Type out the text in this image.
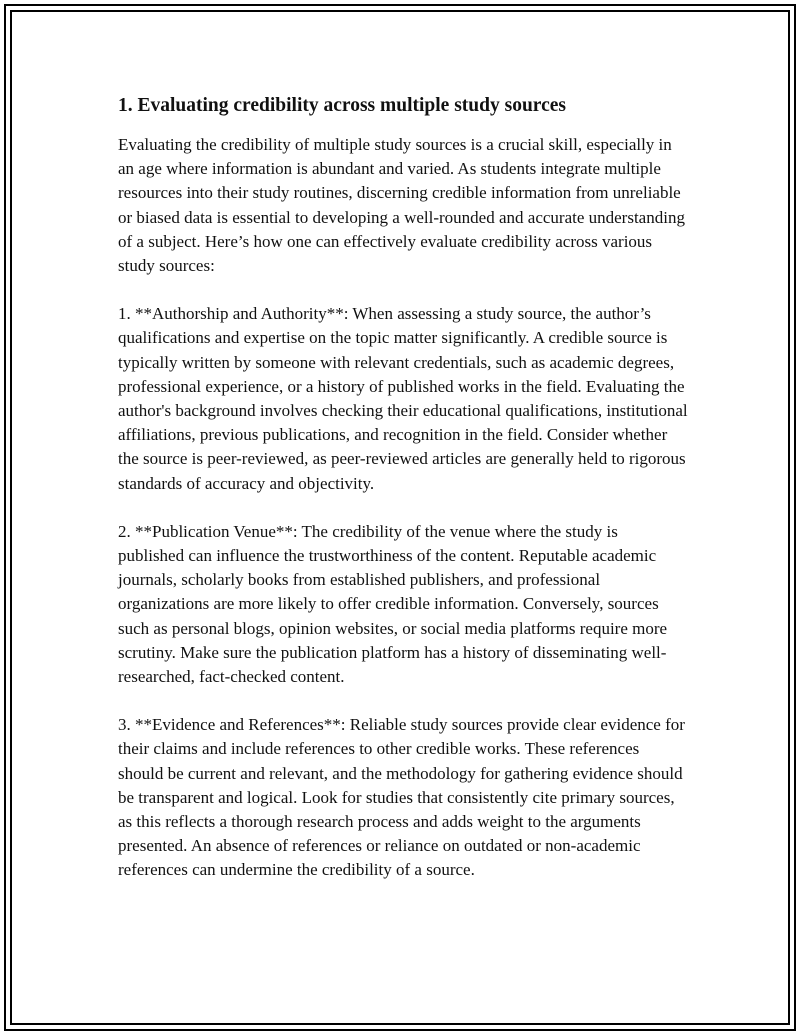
1. Evaluating credibility across multiple study sources

Evaluating the credibility of multiple study sources is a crucial skill, especially in an age where information is abundant and varied. As students integrate multiple resources into their study routines, discerning credible information from unreliable or biased data is essential to developing a well-rounded and accurate understanding of a subject. Here’s how one can effectively evaluate credibility across various study sources:

1. **Authorship and Authority**: When assessing a study source, the author’s qualifications and expertise on the topic matter significantly. A credible source is typically written by someone with relevant credentials, such as academic degrees, professional experience, or a history of published works in the field. Evaluating the author's background involves checking their educational qualifications, institutional affiliations, previous publications, and recognition in the field. Consider whether the source is peer-reviewed, as peer-reviewed articles are generally held to rigorous standards of accuracy and objectivity.

2. **Publication Venue**: The credibility of the venue where the study is published can influence the trustworthiness of the content. Reputable academic journals, scholarly books from established publishers, and professional organizations are more likely to offer credible information. Conversely, sources such as personal blogs, opinion websites, or social media platforms require more scrutiny. Make sure the publication platform has a history of disseminating well-researched, fact-checked content.

3. **Evidence and References**: Reliable study sources provide clear evidence for their claims and include references to other credible works. These references should be current and relevant, and the methodology for gathering evidence should be transparent and logical. Look for studies that consistently cite primary sources, as this reflects a thorough research process and adds weight to the arguments presented. An absence of references or reliance on outdated or non-academic references can undermine the credibility of a source.
